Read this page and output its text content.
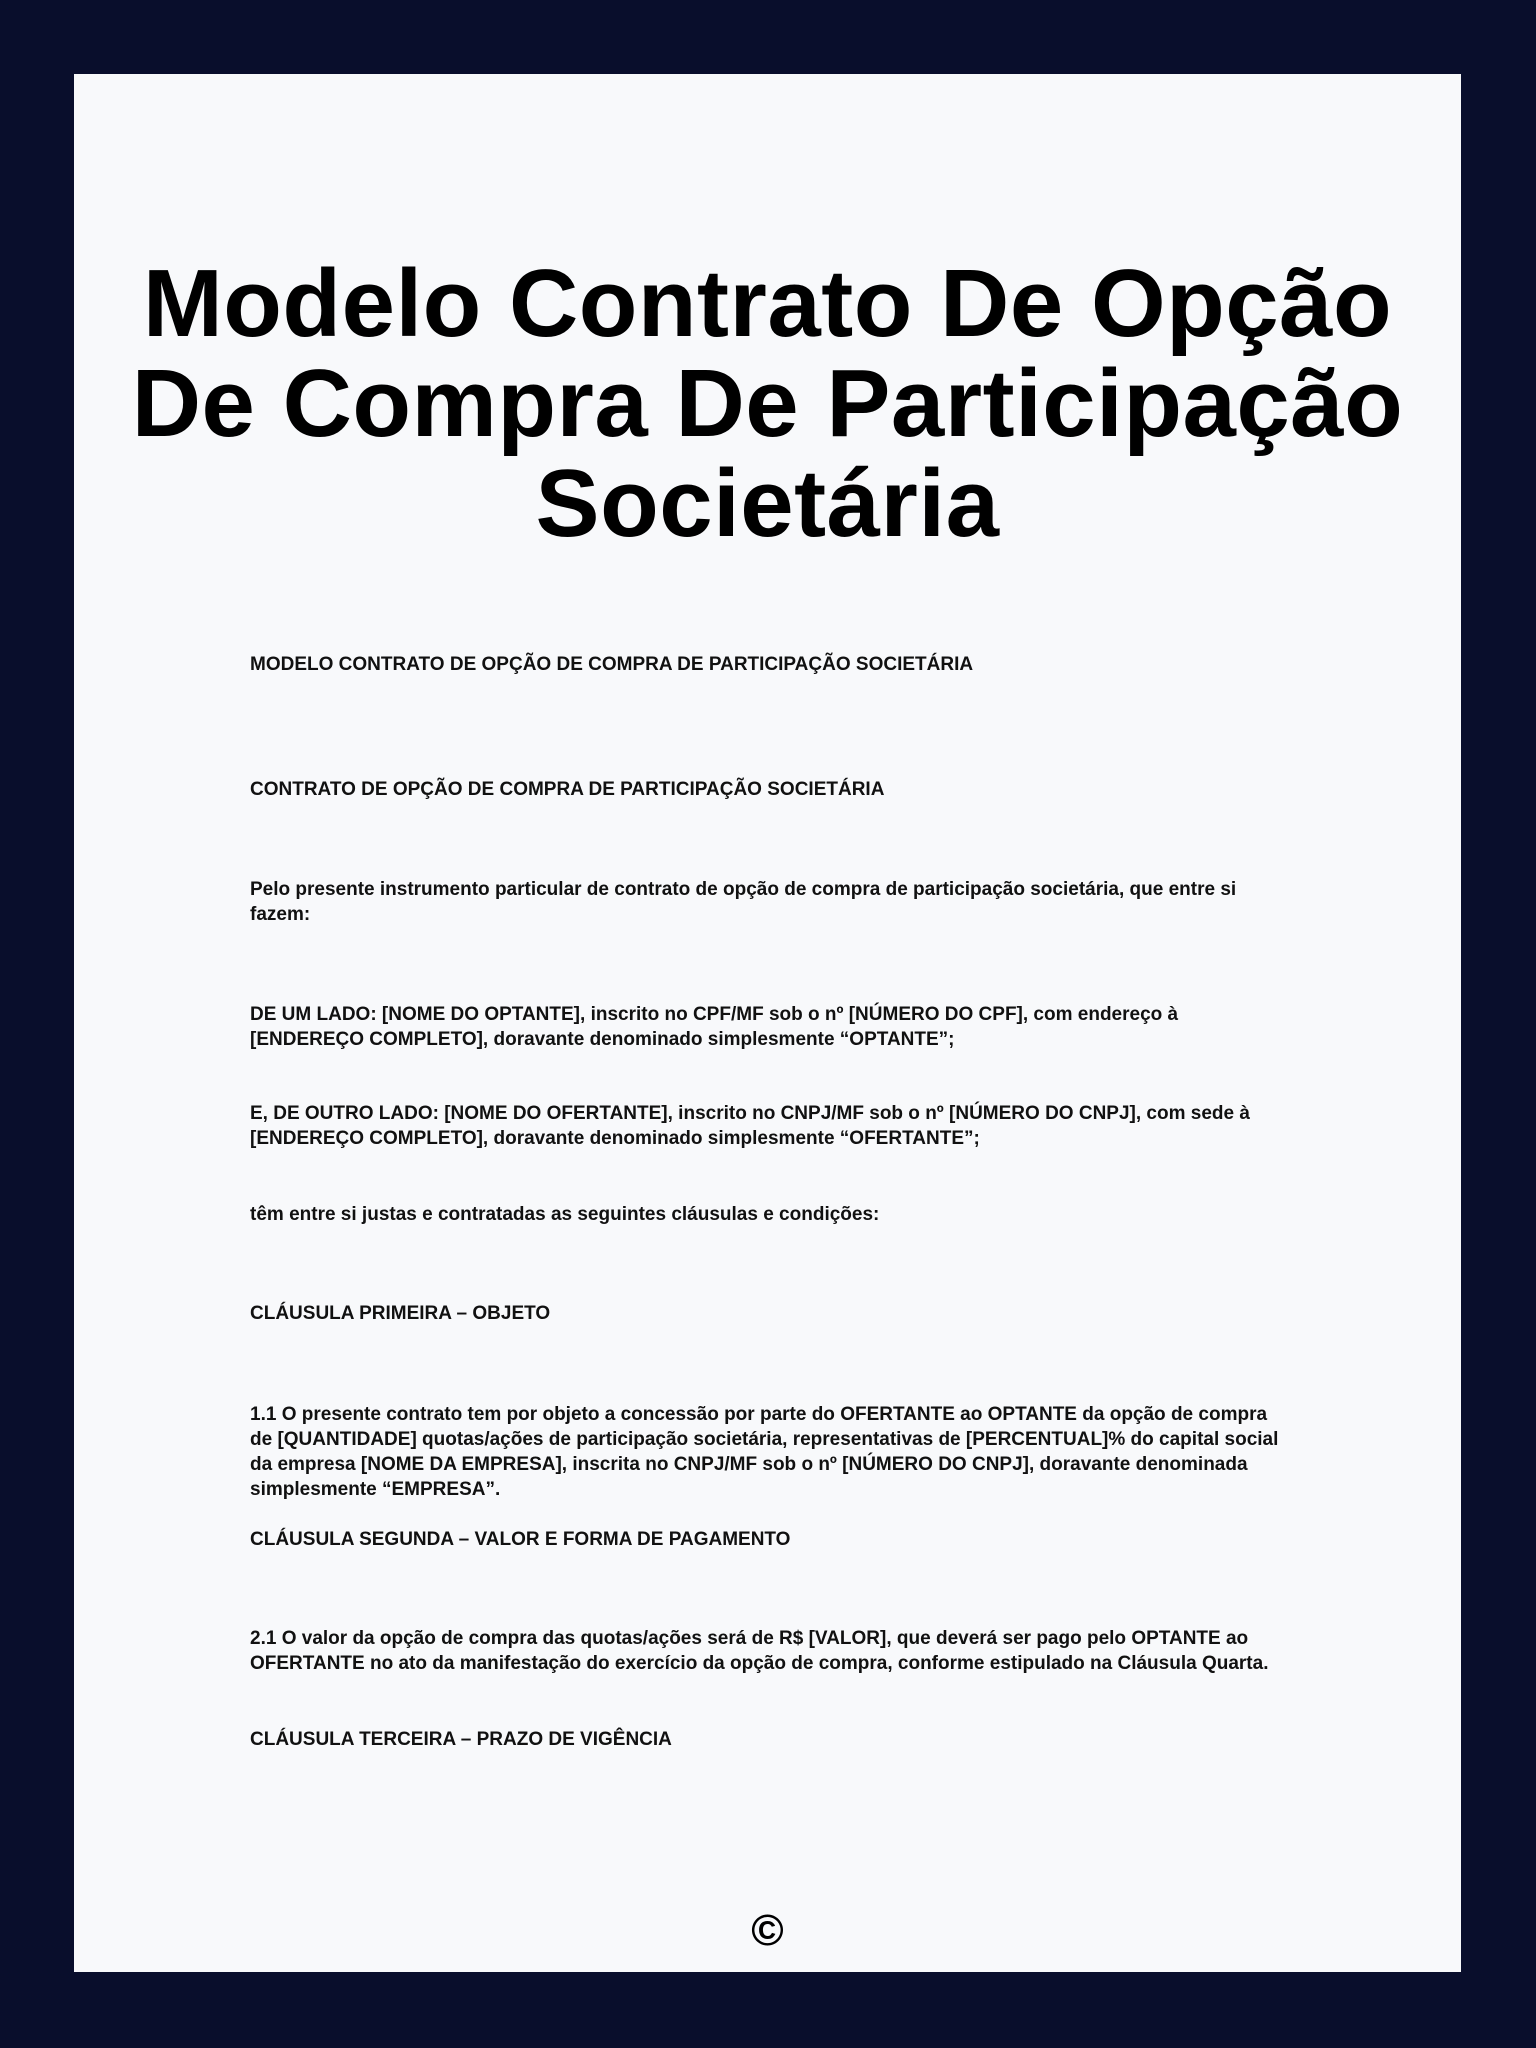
Modelo Contrato De Opção De Compra De Participação Societária

MODELO CONTRATO DE OPÇÃO DE COMPRA DE PARTICIPAÇÃO SOCIETÁRIA

CONTRATO DE OPÇÃO DE COMPRA DE PARTICIPAÇÃO SOCIETÁRIA

Pelo presente instrumento particular de contrato de opção de compra de participação societária, que entre si fazem:

DE UM LADO: [NOME DO OPTANTE], inscrito no CPF/MF sob o nº [NÚMERO DO CPF], com endereço à [ENDEREÇO COMPLETO], doravante denominado simplesmente “OPTANTE”;

E, DE OUTRO LADO: [NOME DO OFERTANTE], inscrito no CNPJ/MF sob o nº [NÚMERO DO CNPJ], com sede à [ENDEREÇO COMPLETO], doravante denominado simplesmente “OFERTANTE”;

têm entre si justas e contratadas as seguintes cláusulas e condições:

CLÁUSULA PRIMEIRA – OBJETO

1.1 O presente contrato tem por objeto a concessão por parte do OFERTANTE ao OPTANTE da opção de compra de [QUANTIDADE] quotas/ações de participação societária, representativas de [PERCENTUAL]% do capital social da empresa [NOME DA EMPRESA], inscrita no CNPJ/MF sob o nº [NÚMERO DO CNPJ], doravante denominada simplesmente “EMPRESA”.

CLÁUSULA SEGUNDA – VALOR E FORMA DE PAGAMENTO

2.1 O valor da opção de compra das quotas/ações será de R$ [VALOR], que deverá ser pago pelo OPTANTE ao OFERTANTE no ato da manifestação do exercício da opção de compra, conforme estipulado na Cláusula Quarta.

CLÁUSULA TERCEIRA – PRAZO DE VIGÊNCIA

©
